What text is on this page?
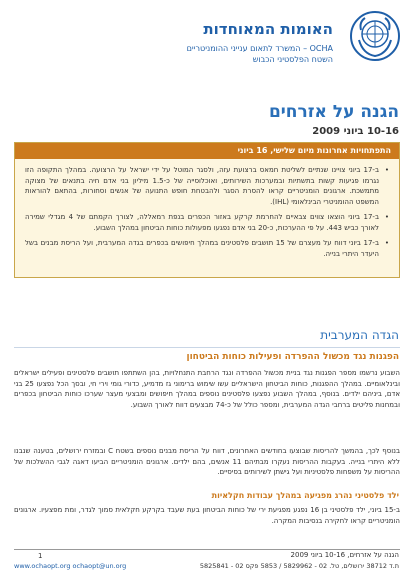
האומות המאוחדות
OCHA – המשרד לתאום ענייני ההומניטריים
השטח הפלסטיני הכבוש
הגנה על אזרחים
10-16 ביוני 2009
התפתחויות אחרונות מיום שלישי, 16 ביוני
• ב-17 ביוני צויינו שנתיים לשליטת חמאס ברצועת עזה, ולסגר המוטל על ידי ישראל על הרצועה. במהלך התקופה הזו נגרמו פגיעות קשות בתשתיות ובמערכות השירותים, ואוכלוסייה של כ-1.5 מיליון בני אדם חיה בתנאים של מצוקה מתמשכת. ארגונים הומניטריים קראו להסרת הסגר ולהבטחת חופש התנועה של אנשים וסחורות, בהתאם להוראות המשפט ההומניטרי הבינלאומי (IHL).
• ב-17 ביוני הוצאו צווים צבאיים להחרמת קרקע באזור הכפרים בנפת רמאללה, לצורך הקמתם של 4 מגדלי שמירה לאורך כביש 443. על פי ההערכות, כ-20 בני אדם נפגעו מפעולות כוחות הביטחון במהלך השבוע.
• ב-17 ביוני דווח על מעצרם של 15 תושבים פלסטינים במהלך חיפושים בכפרים בגדה המערבית, ועל הריסת מבנים בשל היעדר היתרי בנייה.
הגדה המערבית
הפגנות נגד מכשול ההפרדה ופעילות כוחות הביטחון

השבוע נרשמו מספר הפגנות נגד בניית מכשול ההפרדה ונגד הרחבת התנחלויות, בהן השתתפו תושבים פלסטינים ופעילים ישראלים ובינלאומיים. במהלך ההפגנות, כוחות הביטחון הישראליים עשו שימוש ברימוני גז מדמיע, כדורי גומי וירי חי, ובסך הכל נפצעו 25 בני אדם, ביניהם ילדים. בנוסף, במהלך השבוע נפצעו פלסטינים נוספים במהלך חיפושים ומבצעי מעצר שערכו כוחות הביטחון בכפרים ובמחנות פליטים ברחבי הגדה המערבית, ומספר כולל של כ-74 מבצעים דווח לאורך השבוע.

בנוסף לכך, בהמשך להריסות שבוצעו בחודשים האחרונים, דווח על הריסת מבנים נוספים בשטח C ובמזרח ירושלים, בטענה שנבנו ללא היתרי בנייה. בעקבות ההריסות נעקרו מבתיהם 11 אנשים, בהם ילדים. ארגונים הומניטריים הביעו דאגה לגבי ההשלכות של ההריסות על משפחות פלסטיניות ועל גישתן לשירותים בסיסיים.

ילד פלסטיני נהרג מפגיעה במהלך עבודות חקלאיות

ב-15 ביוני, ילד פלסטיני בן 16 נפגע מפגיעת ירי של כוחות הביטחון בעת שעבד בקרקע חקלאית סמוך לגדר, ומת מפצעיו. ארגונים הומניטריים קראו לחקירה בנסיבות המקרה.

1	הגנה על אזרחים, 10-16 ביוני 2009
ת.ד 38712 ירושלים, טל. 02 - 5829962 / 5853 פקס 02 - 5825841
www.ochaopt.org ochaopt@un.org
